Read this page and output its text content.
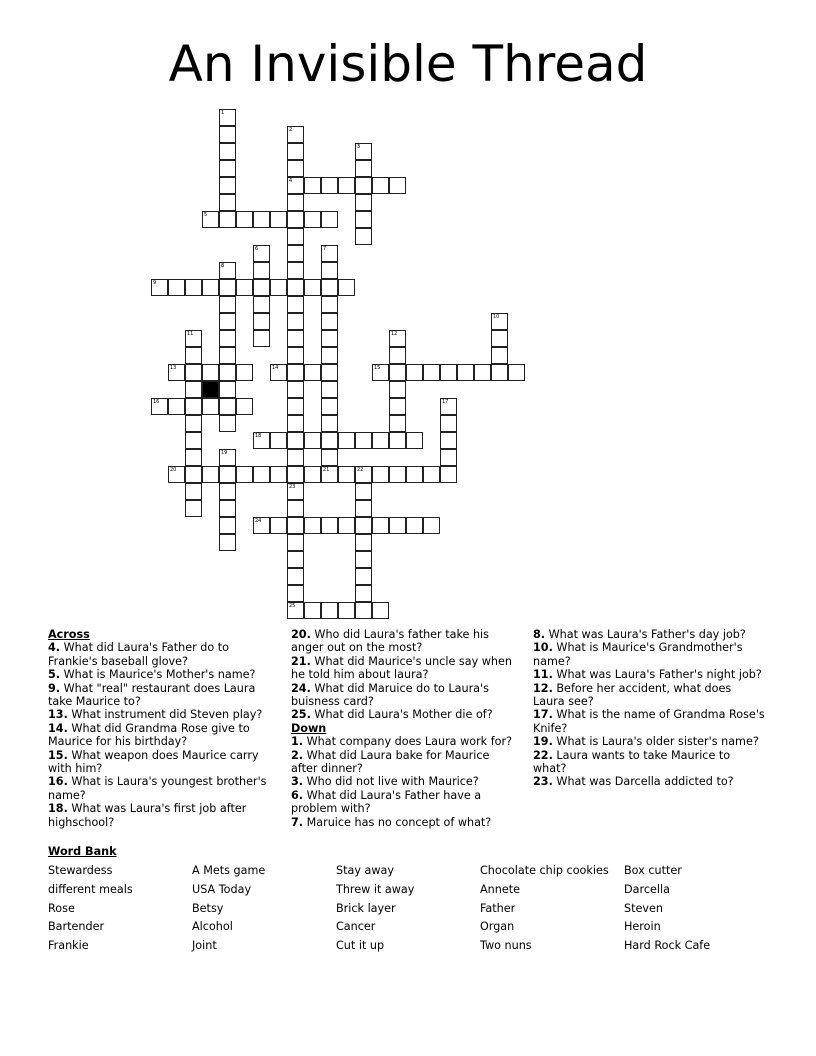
An Invisible Thread
1
2
3
4
5
6	7
8
9
10
11	12
13	14	15
16	17
18
19
20	21	22
23
24
25

Across

4. What did Laura's Father do to Frankie's baseball glove?

5. What is Maurice's Mother's name?

9. What "real" restaurant does Laura take Maurice to?

13. What instrument did Steven play?

14. What did Grandma Rose give to Maurice for his birthday?

15. What weapon does Maurice carry with him?

16. What is Laura's youngest brother's name?

18. What was Laura's first job after highschool?

20. Who did Laura's father take his anger out on the most?

21. What did Maurice's uncle say when he told him about laura?

24. What did Maruice do to Laura's buisness card?

25. What did Laura's Mother die of?

Down

1. What company does Laura work for?

2. What did Laura bake for Maurice after dinner?

3. Who did not live with Maurice?

6. What did Laura's Father have a problem with?

7. Maruice has no concept of what?

8. What was Laura's Father's day job?

10. What is Maurice's Grandmother's name?

11. What was Laura's Father's night job?

12. Before her accident, what does Laura see?

17. What is the name of Grandma Rose's Knife?

19. What is Laura's older sister's name?

22. Laura wants to take Maurice to what?

23. What was Darcella addicted to?

Word Bank
Stewardess
different meals
Rose
Bartender
Frankie
A Mets game
USA Today
Betsy
Alcohol
Joint
Stay away
Threw it away
Brick layer
Cancer
Cut it up
Chocolate chip cookies
Annete
Father
Organ
Two nuns
Box cutter
Darcella
Steven
Heroin
Hard Rock Cafe
